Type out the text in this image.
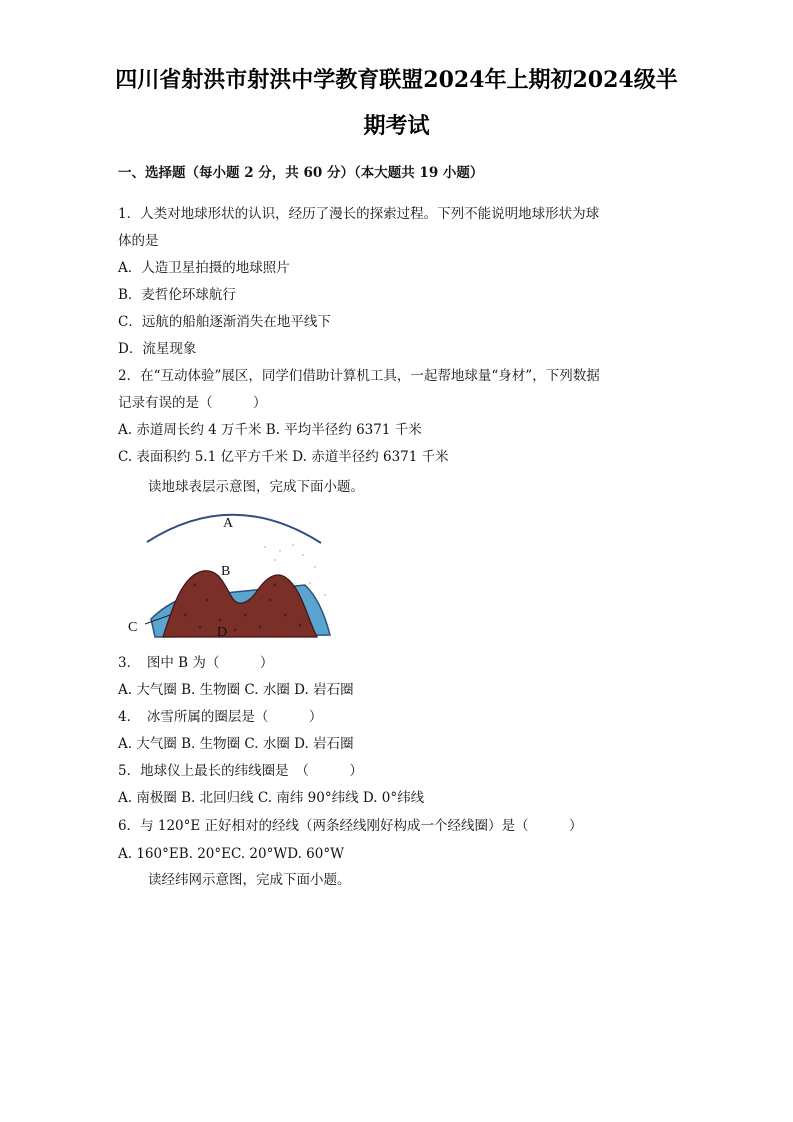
四川省射洪市射洪中学教育联盟2024年上期初2024级半
期考试
一、选择题（每小题 2 分，共 60 分）（本大题共 19 小题）
1．人类对地球形状的认识，经历了漫长的探索过程。下列不能说明地球形状为球
体的是
A．人造卫星拍摄的地球照片
B．麦哲伦环球航行
C．远航的船舶逐渐消失在地平线下
D．流星现象
2．在“互动体验”展区，同学们借助计算机工具，一起帮地球量“身材”，下列数据
记录有误的是（　　　）
A. 赤道周长约 4 万千米 B. 平均半径约 6371 千米
C. 表面积约 5.1 亿平方千米 D. 赤道半径约 6371 千米
读地球表层示意图，完成下面小题。
A
B
C	D
3．　图中 B 为（　　　）
A. 大气圈 B. 生物圈 C. 水圈 D. 岩石圈
4．　冰雪所属的圈层是（　　　）
A. 大气圈 B. 生物圈 C. 水圈 D. 岩石圈
5．地球仪上最长的纬线圈是　（　　　）
A. 南极圈 B. 北回归线 C. 南纬 90°纬线 D. 0°纬线
6．与 120°E 正好相对的经线（两条经线刚好构成一个经线圈）是（　　　）
A. 160°EB. 20°EC. 20°WD. 60°W
读经纬网示意图，完成下面小题。
